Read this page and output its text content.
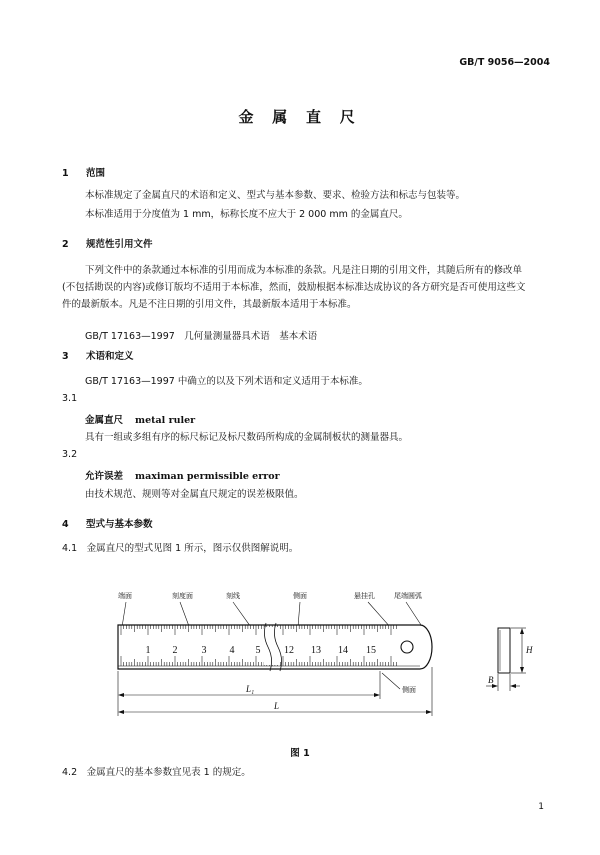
GB/T 9056—2004
金 属 直 尺
1 范围
本标准规定了金属直尺的术语和定义、型式与基本参数、要求、检验方法和标志与包装等。
本标准适用于分度值为 1 mm，标称长度不应大于 2 000 mm 的金属直尺。
2 规范性引用文件
下列文件中的条款通过本标准的引用而成为本标准的条款。凡是注日期的引用文件，其随后所有的修改单(不包括勘误的内容)或修订版均不适用于本标准，然而，鼓励根据本标准达成协议的各方研究是否可使用这些文件的最新版本。凡是不注日期的引用文件，其最新版本适用于本标准。
GB/T 17163—1997　几何量测量器具术语　基本术语
3 术语和定义
GB/T 17163—1997 中确立的以及下列术语和定义适用于本标准。
3.1
金属直尺 metal ruler
具有一组或多组有序的标尺标记及标尺数码所构成的金属制板状的测量器具。
3.2
允许误差 maximan permissible error
由技术规范、规则等对金属直尺规定的误差极限值。
4 型式与基本参数
4.1　金属直尺的型式见图 1 所示，图示仅供图解说明。
端面	刻度面	刻线	侧面	悬挂孔	尾端圆弧
侧面
1 2 3 4 5 12 13 14 15
L₁
L
H
B
图 1
4.2　金属直尺的基本参数宜见表 1 的规定。
1
